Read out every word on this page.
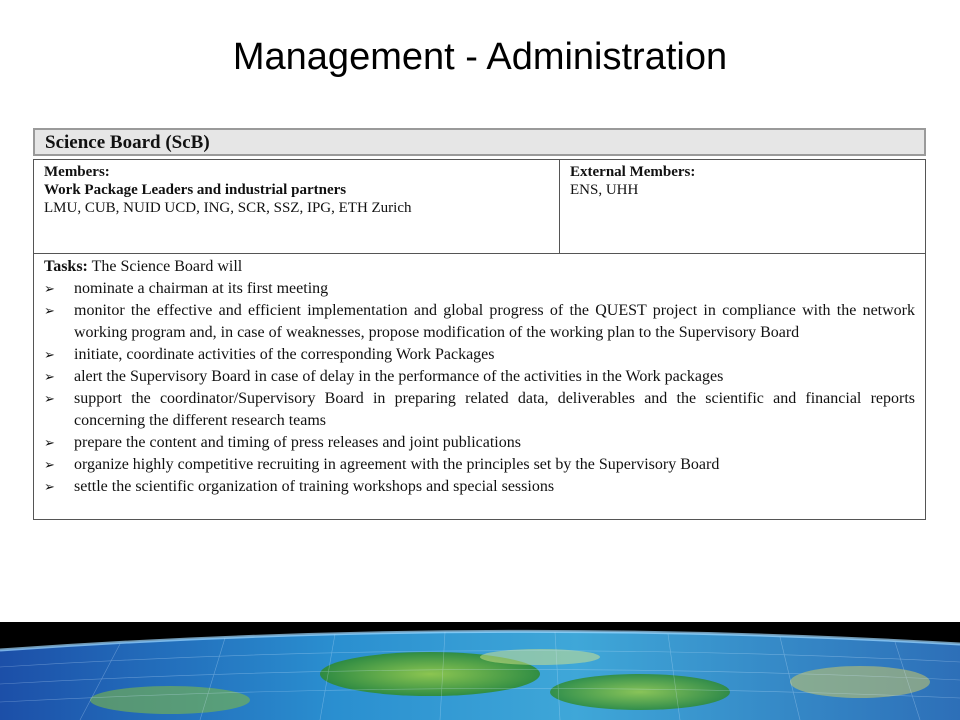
Management - Administration
Science Board (ScB)
Members:
Work Package Leaders and industrial partners
LMU, CUB, NUID UCD, ING, SCR, SSZ, IPG, ETH Zurich
External Members:
ENS, UHH
Tasks: The Science Board will
➢	nominate a chairman at its first meeting
➢	monitor the effective and efficient implementation and global progress of the QUEST project in compliance with the network working program and, in case of weaknesses, propose modification of the working plan to the Supervisory Board
➢	initiate, coordinate activities of the corresponding Work Packages
➢	alert the Supervisory Board in case of delay in the performance of the activities in the Work packages
➢	support the coordinator/Supervisory Board in preparing related data, deliverables and the scientific and financial reports concerning the different research teams
➢	prepare the content and timing of press releases and joint publications
➢	organize highly competitive recruiting in agreement with the principles set by the Supervisory Board
➢	settle the scientific organization of training workshops and special sessions
